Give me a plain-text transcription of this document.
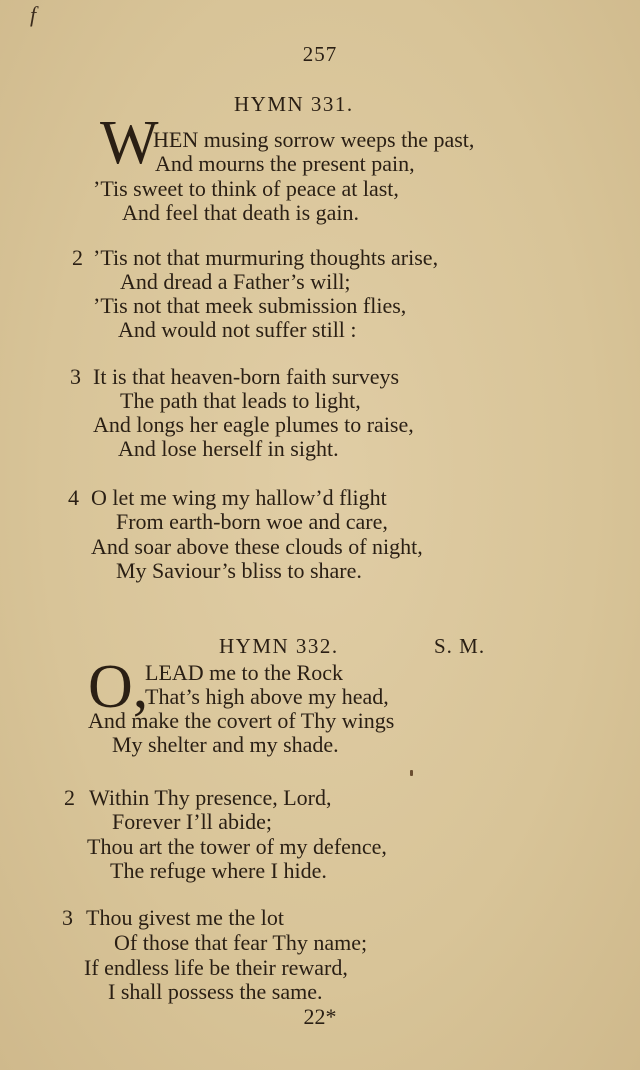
f
257
HYMN 331.
W
HEN musing sorrow weeps the past,
And mourns the present pain,
’Tis sweet to think of peace at last,
And feel that death is gain.
2 ’Tis not that murmuring thoughts arise,
And dread a Father’s will;
’Tis not that meek submission flies,
And would not suffer still :
3 It is that heaven-born faith surveys
The path that leads to light,
And longs her eagle plumes to raise,
And lose herself in sight.
4 O let me wing my hallow’d flight
From earth-born woe and care,
And soar above these clouds of night,
My Saviour’s bliss to share.
HYMN 332.	S. M.
O,
LEAD me to the Rock
That’s high above my head,
And make the covert of Thy wings
My shelter and my shade.
2 Within Thy presence, Lord,
Forever I’ll abide;
Thou art the tower of my defence,
The refuge where I hide.
3 Thou givest me the lot
Of those that fear Thy name;
If endless life be their reward,
I shall possess the same.
22*
